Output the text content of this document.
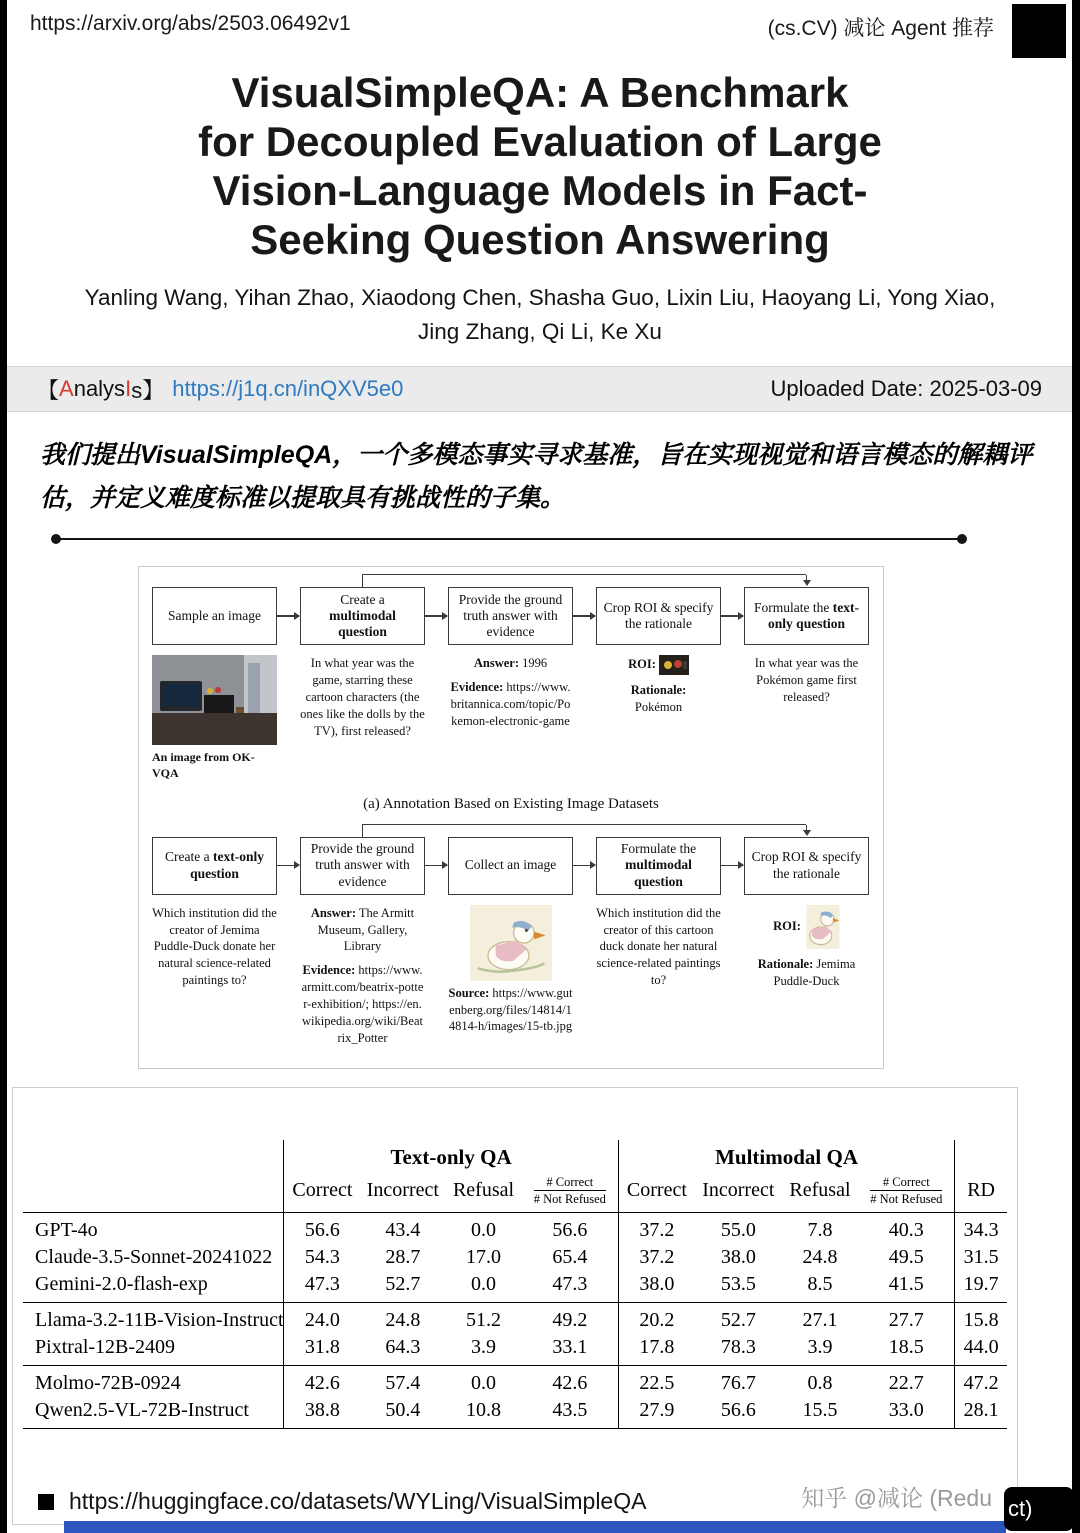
https://arxiv.org/abs/2503.06492v1	(cs.CV) 减论 Agent 推荐
VisualSimpleQA: A Benchmark for Decoupled Evaluation of Large Vision-Language Models in Fact-Seeking Question Answering
Yanling Wang, Yihan Zhao, Xiaodong Chen, Shasha Guo, Lixin Liu, Haoyang Li, Yong Xiao,
Jing Zhang, Qi Li, Ke Xu
【 A nalys I s】 https://j1q.cn/inQXV5e0	Uploaded Date: 2025-03-09
我们提出VisualSimpleQA，一个多模态事实寻求基准，旨在实现视觉和语言模态的解耦评估，并定义难度标准以提取具有挑战性的子集。
Sample an image
Create a multimodal question
Provide the ground truth answer with evidence
Crop ROI & specify the rationale
Formulate the text-only question
An image from OK-VQA
In what year was the game, starring these cartoon characters (the ones like the dolls by the TV), first released?

Answer: 1996

Evidence: https://www.britannica.com/topic/Pokemon-electronic-game

ROI:

Rationale:
Pokémon

In what year was the Pokémon game first released?
(a) Annotation Based on Existing Image Datasets
Create a text-only question
Provide the ground truth answer with evidence
Collect an image
Formulate the multimodal question
Crop ROI & specify the rationale
Which institution did the creator of Jemima Puddle-Duck donate her natural science-related paintings to?

Answer: The Armitt Museum, Gallery, Library

Evidence: https://www.armitt.com/beatrix-potter-exhibition/; https://en.wikipedia.org/wiki/Beatrix_Potter

Source: https://www.gutenberg.org/files/14814/14814-h/images/15-tb.jpg

Which institution did the creator of this cartoon duck donate her natural science-related paintings to?

ROI:

Rationale: Jemima Puddle-Duck

	Text-only QA				Multimodal QA				
	Correct	Incorrect	Refusal	$\frac{\text{\# Correct}}{\text{\# Not Refused}}$	Correct	Incorrect	Refusal	$\frac{\text{\# Correct}}{\text{\# Not Refused}}$	RD
GPT-4o	56.6	43.4	0.0	56.6	37.2	55.0	7.8	40.3	34.3
Claude-3.5-Sonnet-20241022	54.3	28.7	17.0	65.4	37.2	38.0	24.8	49.5	31.5
Gemini-2.0-flash-exp	47.3	52.7	0.0	47.3	38.0	53.5	8.5	41.5	19.7
Llama-3.2-11B-Vision-Instruct	24.0	24.8	51.2	49.2	20.2	52.7	27.1	27.7	15.8
Pixtral-12B-2409	31.8	64.3	3.9	33.1	17.8	78.3	3.9	18.5	44.0
Molmo-72B-0924	42.6	57.4	0.0	42.6	22.5	76.7	0.8	22.7	47.2
Qwen2.5-VL-72B-Instruct	38.8	50.4	10.8	43.5	27.9	56.6	15.5	33.0	28.1
https://huggingface.co/datasets/WYLing/VisualSimpleQA	知乎 @减论 (Redu ct)
